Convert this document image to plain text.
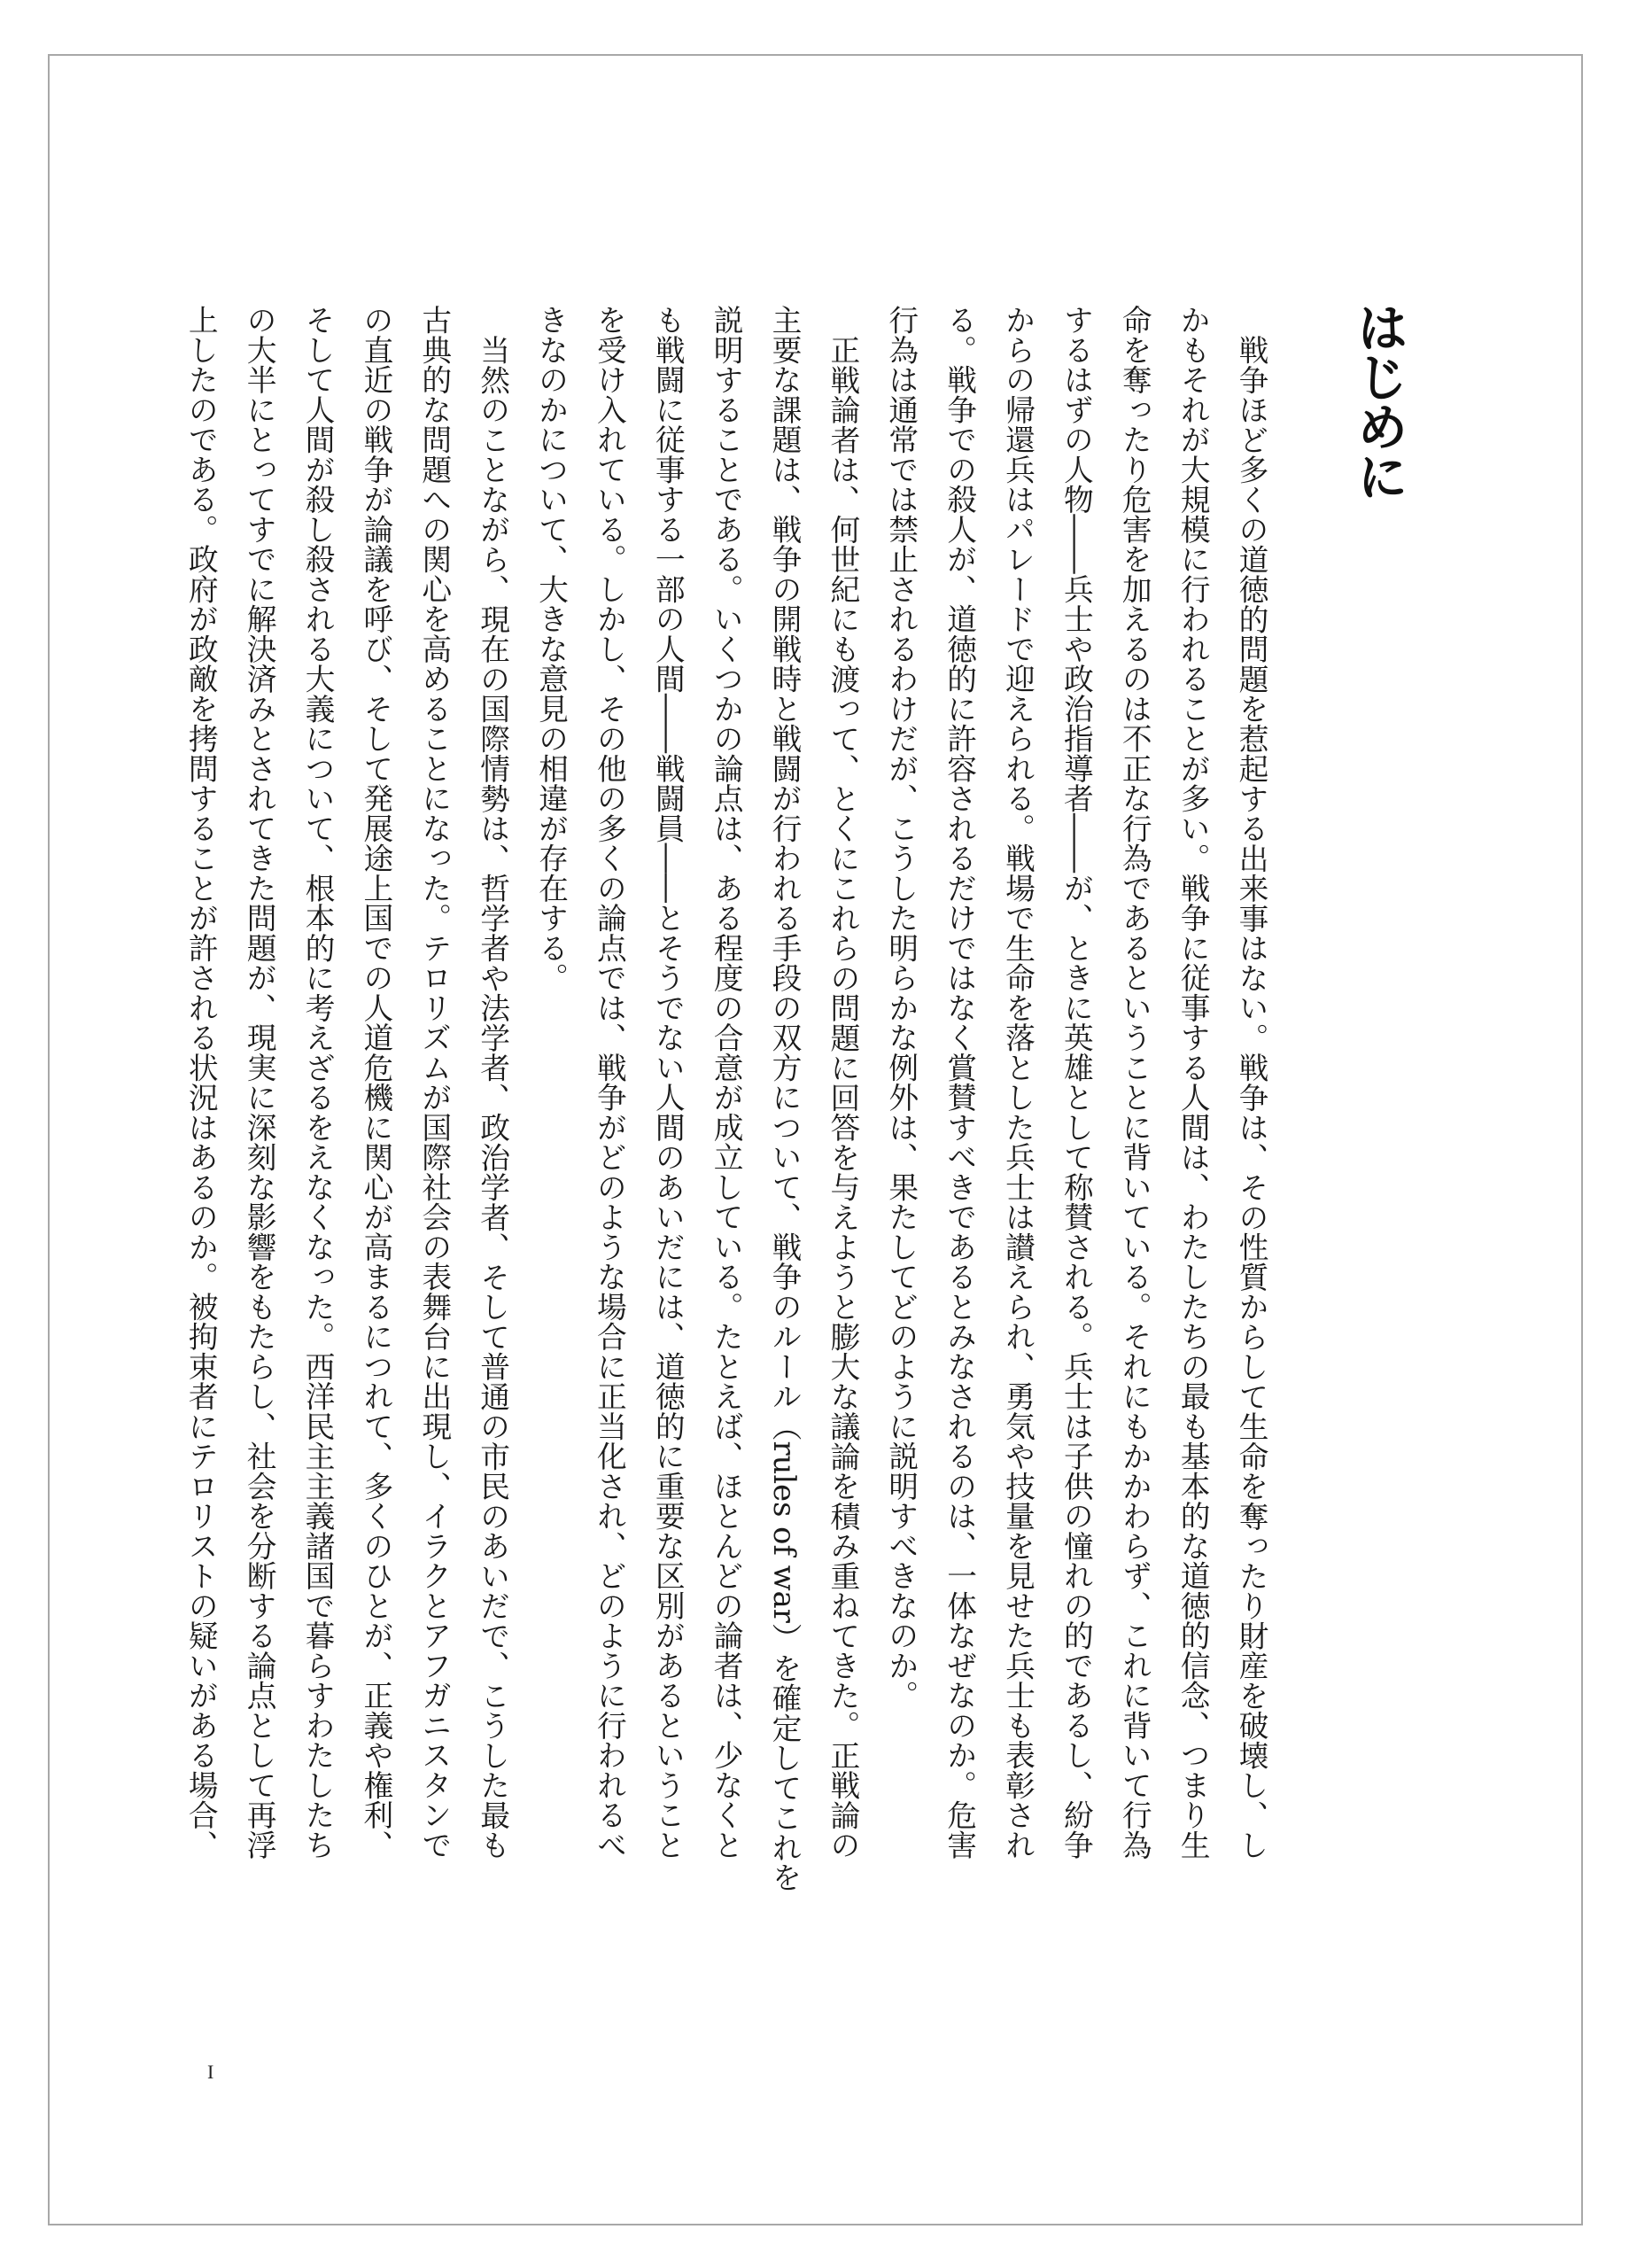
はじめに

戦争ほど多くの道徳的問題を惹起する出来事はない。戦争は、その性質からして生命を奪ったり財産を破壊し、し

かもそれが大規模に行われることが多い。戦争に従事する人間は、わたしたちの最も基本的な道徳的信念、つまり生

命を奪ったり危害を加えるのは不正な行為であるということに背いている。それにもかかわらず、これに背いて行為

するはずの人物――兵士や政治指導者――が、ときに英雄として称賛される。兵士は子供の憧れの的であるし、紛争

からの帰還兵はパレードで迎えられる。戦場で生命を落とした兵士は讃えられ、勇気や技量を見せた兵士も表彰され

る。戦争での殺人が、道徳的に許容されるだけではなく賞賛すべきであるとみなされるのは、一体なぜなのか。危害

行為は通常では禁止されるわけだが、こうした明らかな例外は、果たしてどのように説明すべきなのか。

正戦論者は、何世紀にも渡って、とくにこれらの問題に回答を与えようと膨大な議論を積み重ねてきた。正戦論の

主要な課題は、戦争の開戦時と戦闘が行われる手段の双方について、戦争のルール（rules of war）を確定してこれを

説明することである。いくつかの論点は、ある程度の合意が成立している。たとえば、ほとんどの論者は、少なくと

も戦闘に従事する一部の人間――戦闘員――とそうでない人間のあいだには、道徳的に重要な区別があるということ

を受け入れている。しかし、その他の多くの論点では、戦争がどのような場合に正当化され、どのように行われるべ

きなのかについて、大きな意見の相違が存在する。

当然のことながら、現在の国際情勢は、哲学者や法学者、政治学者、そして普通の市民のあいだで、こうした最も

古典的な問題への関心を高めることになった。テロリズムが国際社会の表舞台に出現し、イラクとアフガニスタンで

の直近の戦争が論議を呼び、そして発展途上国での人道危機に関心が高まるにつれて、多くのひとが、正義や権利、

そして人間が殺し殺される大義について、根本的に考えざるをえなくなった。西洋民主主義諸国で暮らすわたしたち

の大半にとってすでに解決済みとされてきた問題が、現実に深刻な影響をもたらし、社会を分断する論点として再浮

上したのである。政府が政敵を拷問することが許される状況はあるのか。被拘束者にテロリストの疑いがある場合、

I
